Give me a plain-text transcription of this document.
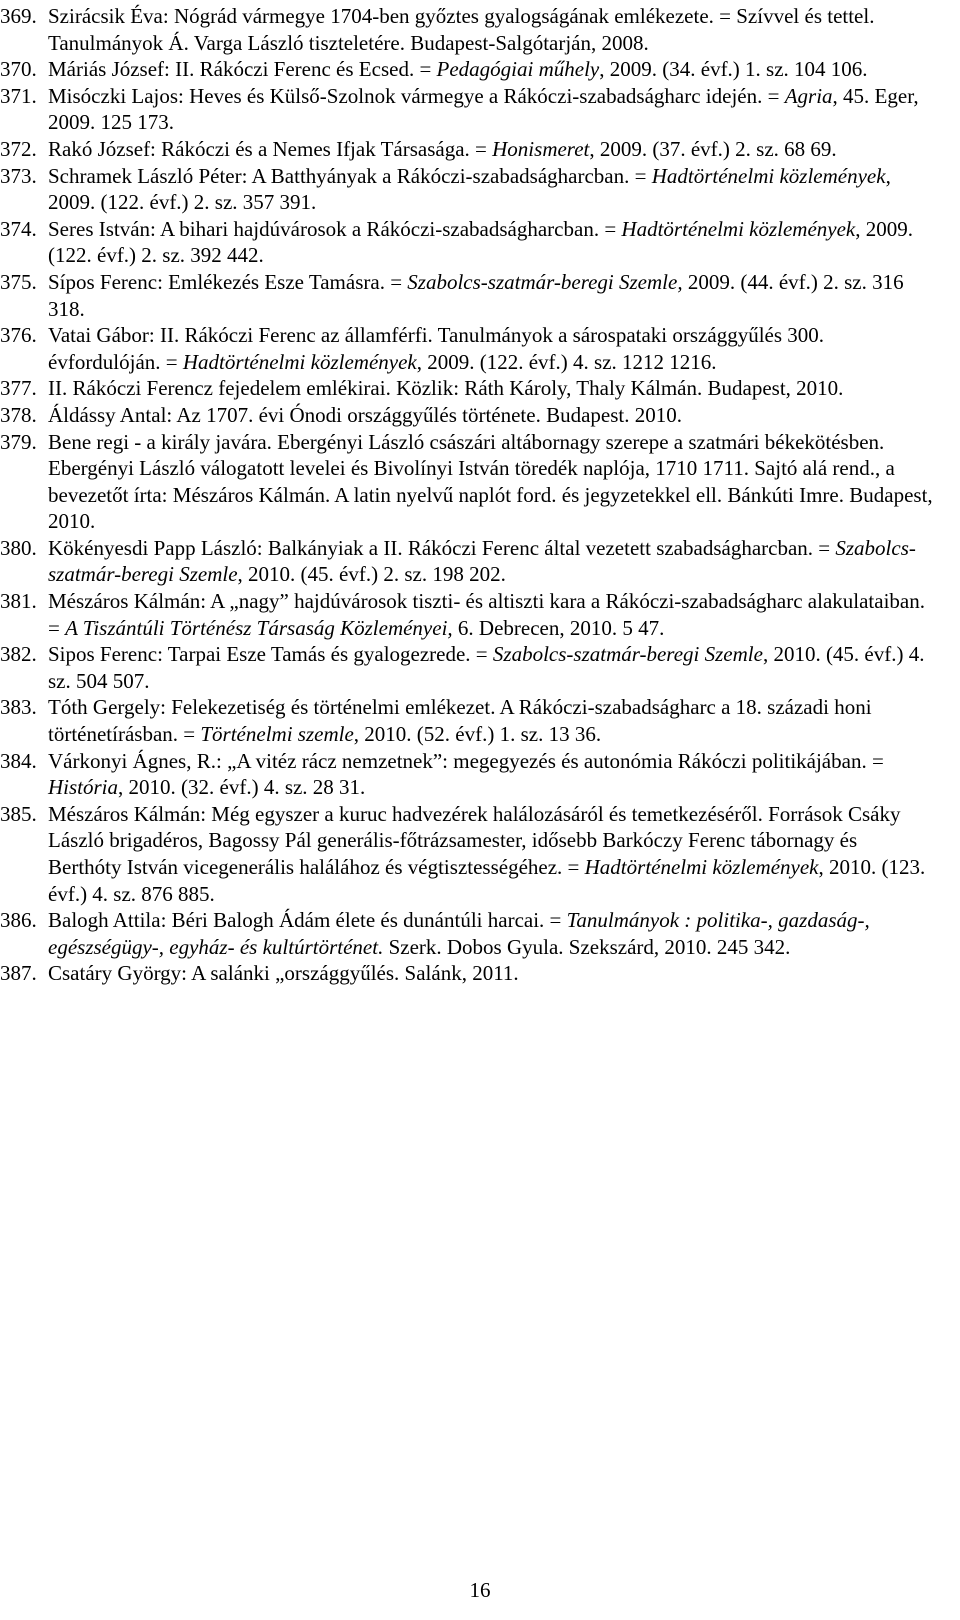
369. Szirácsik Éva: Nógrád vármegye 1704-ben győztes gyalogságának emlékezete. = Szívvel és tettel. Tanulmányok Á. Varga László tiszteletére. Budapest-Salgótarján, 2008.
370. Máriás József: II. Rákóczi Ferenc és Ecsed. = Pedagógiai műhely, 2009. (34. évf.) 1. sz. 104 106.
371. Misóczki Lajos: Heves és Külső-Szolnok vármegye a Rákóczi-szabadságharc idején. = Agria, 45. Eger, 2009. 125 173.
372. Rakó József: Rákóczi és a Nemes Ifjak Társasága. = Honismeret, 2009. (37. évf.) 2. sz. 68 69.
373. Schramek László Péter: A Batthyányak a Rákóczi-szabadságharcban. = Hadtörténelmi közlemények, 2009. (122. évf.) 2. sz. 357 391.
374. Seres István: A bihari hajdúvárosok a Rákóczi-szabadságharcban. = Hadtörténelmi közlemények, 2009. (122. évf.) 2. sz. 392 442.
375. Sípos Ferenc: Emlékezés Esze Tamásra. = Szabolcs-szatmár-beregi Szemle, 2009. (44. évf.) 2. sz. 316 318.
376. Vatai Gábor: II. Rákóczi Ferenc az államférfi. Tanulmányok a sárospataki országgyűlés 300. évfordulóján. = Hadtörténelmi közlemények, 2009. (122. évf.) 4. sz. 1212 1216.
377. II. Rákóczi Ferencz fejedelem emlékirai. Közlik: Ráth Károly, Thaly Kálmán. Budapest, 2010.
378. Áldássy Antal: Az 1707. évi Ónodi országgyűlés története. Budapest. 2010.
379. Bene regi - a király javára. Ebergényi László császári altábornagy szerepe a szatmári békekötésben. Ebergényi László válogatott levelei és Bivolínyi István töredék naplója, 1710 1711. Sajtó alá rend., a bevezetőt írta: Mészáros Kálmán. A latin nyelvű naplót ford. és jegyzetekkel ell. Bánkúti Imre. Budapest, 2010.
380. Kökényesdi Papp László: Balkányiak a II. Rákóczi Ferenc által vezetett szabadságharcban. = Szabolcs-szatmár-beregi Szemle, 2010. (45. évf.) 2. sz. 198 202.
381. Mészáros Kálmán: A „nagy” hajdúvárosok tiszti- és altiszti kara a Rákóczi-szabadságharc alakulataiban. = A Tiszántúli Történész Társaság Közleményei, 6. Debrecen, 2010. 5 47.
382. Sipos Ferenc: Tarpai Esze Tamás és gyalogezrede. = Szabolcs-szatmár-beregi Szemle, 2010. (45. évf.) 4. sz. 504 507.
383. Tóth Gergely: Felekezetiség és történelmi emlékezet. A Rákóczi-szabadságharc a 18. századi honi történetírásban. = Történelmi szemle, 2010. (52. évf.) 1. sz. 13 36.
384. Várkonyi Ágnes, R.: „A vitéz rácz nemzetnek”: megegyezés és autonómia Rákóczi politikájában. = História, 2010. (32. évf.) 4. sz. 28 31.
385. Mészáros Kálmán: Még egyszer a kuruc hadvezérek halálozásáról és temetkezéséről. Források Csáky László brigadéros, Bagossy Pál generális-főtrázsamester, idősebb Barkóczy Ferenc tábornagy és Berthóty István vicegenerális halálához és végtisztességéhez. = Hadtörténelmi közlemények, 2010. (123. évf.) 4. sz. 876 885.
386. Balogh Attila: Béri Balogh Ádám élete és dunántúli harcai. = Tanulmányok : politika-, gazdaság-, egészségügy-, egyház- és kultúrtörténet. Szerk. Dobos Gyula. Szekszárd, 2010. 245 342.
387. Csatáry György: A salánki „országgyűlés. Salánk, 2011.
16
